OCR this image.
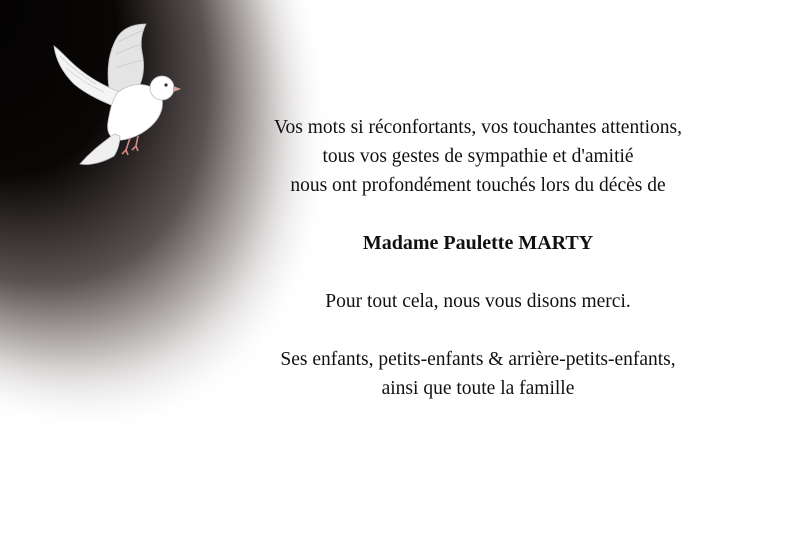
Vos mots si réconfortants, vos touchantes attentions,
tous vos gestes de sympathie et d'amitié
nous ont profondément touchés lors du décès de
Madame Paulette MARTY
Pour tout cela, nous vous disons merci.
Ses enfants, petits-enfants & arrière-petits-enfants,
ainsi que toute la famille
